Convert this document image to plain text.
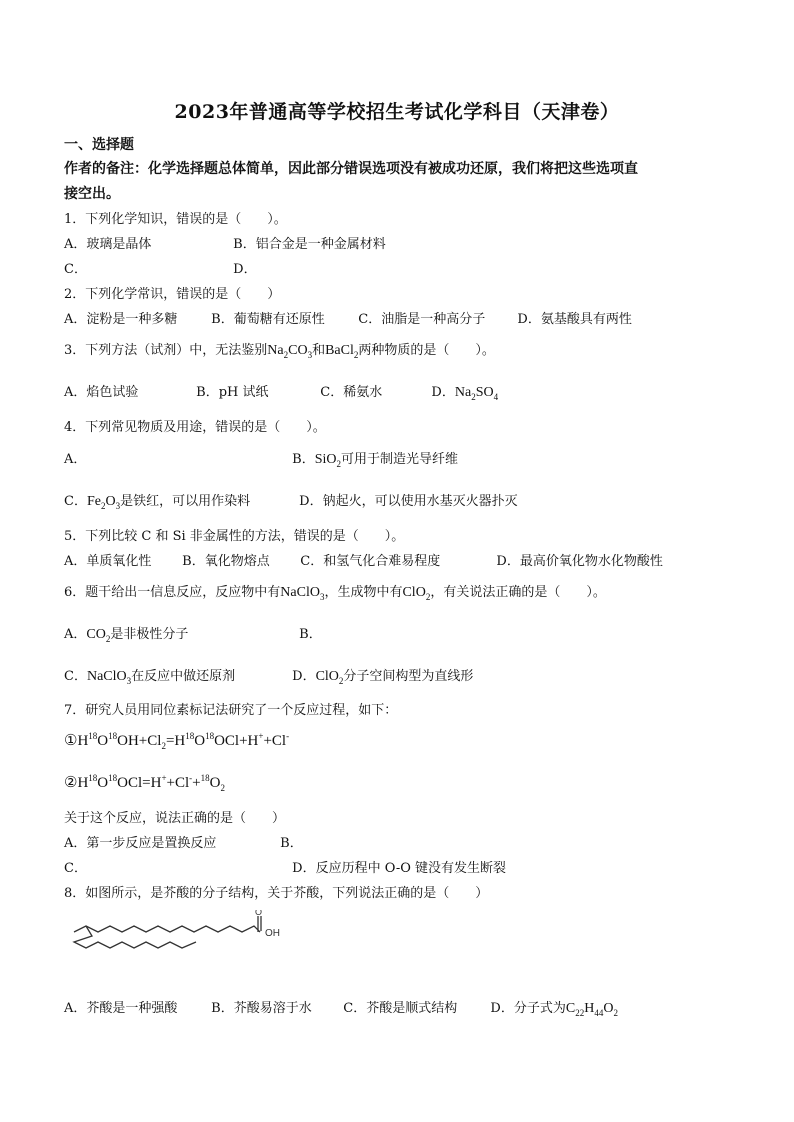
2023年普通高等学校招生考试化学科目（天津卷）
一、选择题
作者的备注：化学选择题总体简单，因此部分错误选项没有被成功还原，我们将把这些选项直
接空出。
1．下列化学知识，错误的是（　　）。
A．玻璃是晶体	B．铝合金是一种金属材料
C．	D．
2．下列化学常识，错误的是（　　）
A．淀粉是一种多糖	B．葡萄糖有还原性	C．油脂是一种高分子 D．氨基酸具有两性
3．下列方法（试剂）中，无法鉴别$Na_2CO_3$和BaCl$_2$两种物质的是（　　）。
A．焰色试验	B．pH 试纸	C．稀氨水	D．$Na_2SO_4$
4．下列常见物质及用途，错误的是（　　）。
A．	B．SiO$_2$可用于制造光导纤维
C．$Fe_2O_3$是铁红，可以用作染料	D．钠起火，可以使用水基灭火器扑灭
5．下列比较 C 和 Si 非金属性的方法，错误的是（　　）。
A．单质氧化性 B．氧化物熔点 C．和氢气化合难易程度	D．最高价氧化物水化物酸性
6．题干给出一信息反应，反应物中有NaClO$_3$，生成物中有ClO$_2$，有关说法正确的是（　　）。
A．$CO_2$是非极性分子	B．
C．NaClO$_3$在反应中做还原剂	D．ClO$_2$分子空间构型为直线形
7．研究人员用同位素标记法研究了一个反应过程，如下：
$①H^{18}O^{18}OH+Cl_2=H^{18}O^{18}OCl+H^++Cl^-$
$②H^{18}O^{18}OCl=H^++Cl^-+^{18}O_2$
关于这个反应，说法正确的是（　　）
A．第一步反应是置换反应	B．
C．	D．反应历程中 O-O 键没有发生断裂
8．如图所示，是芥酸的分子结构，关于芥酸，下列说法正确的是（　　）
O
OH
A．芥酸是一种强酸	B．芥酸易溶于水 C．芥酸是顺式结构	D．分子式为$C_{22}H_{44}O_2$
